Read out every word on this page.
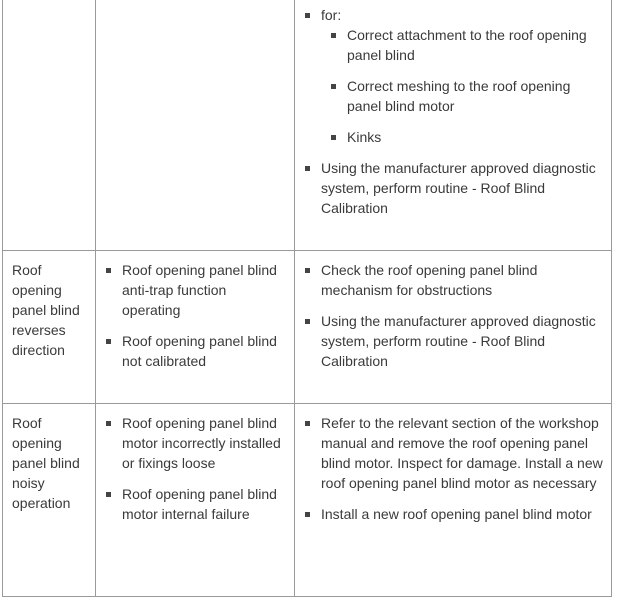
for:
Correct attachment to the roof opening panel blind
Correct meshing to the roof opening panel blind motor
Kinks
Using the manufacturer approved diagnostic system, perform routine - Roof Blind Calibration
Roof opening panel blind reverses direction
Roof opening panel blind anti-trap function operating
Roof opening panel blind not calibrated
Check the roof opening panel blind mechanism for obstructions
Using the manufacturer approved diagnostic system, perform routine - Roof Blind Calibration
Roof opening panel blind noisy operation
Roof opening panel blind motor incorrectly installed or fixings loose
Roof opening panel blind motor internal failure
Refer to the relevant section of the workshop manual and remove the roof opening panel blind motor. Inspect for damage. Install a new roof opening panel blind motor as necessary
Install a new roof opening panel blind motor
